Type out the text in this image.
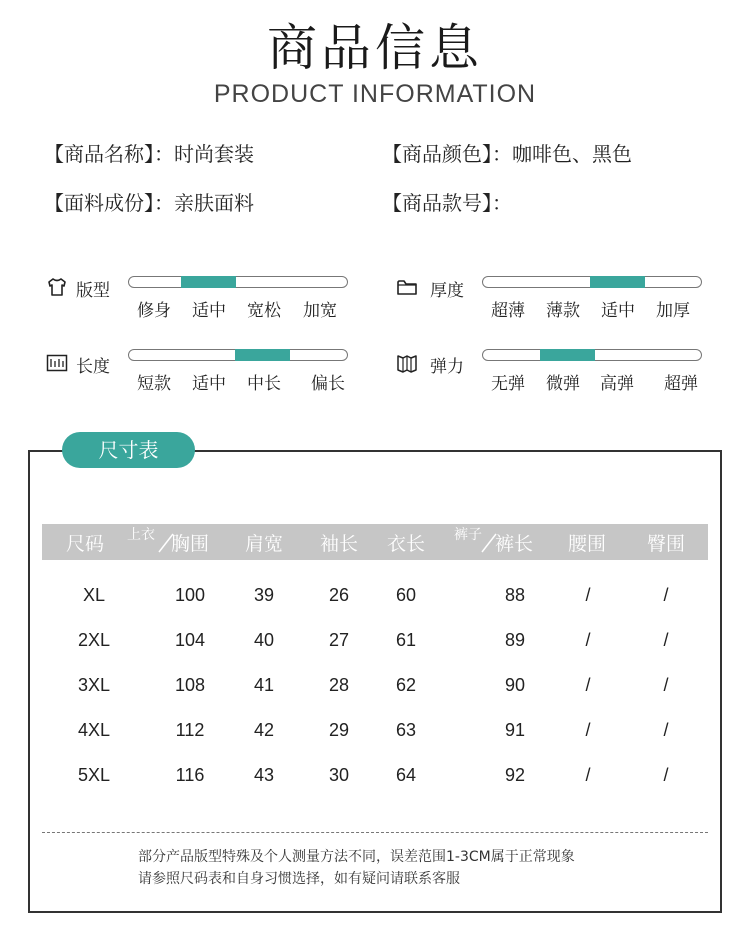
商品信息
PRODUCT INFORMATION
【商品名称】：时尚套装	【商品颜色】：咖啡色、黑色
【面料成份】：亲肤面料	【商品款号】：
版型
修身 适中 宽松 加宽
厚度
超薄 薄款 适中 加厚
长度
短款 适中 中长 偏长
弹力
无弹 微弹 高弹 超弹
尺寸表
尺码 上衣 胸围 肩宽 袖长 衣长 裤子 裤长 腰围 臀围
XL	100	39	26	60	88	/	/
2XL	104	40	27	61	89	/	/
3XL	108	41	28	62	90	/	/
4XL	112	42	29	63	91	/	/
5XL	116	43	30	64	92	/	/
部分产品版型特殊及个人测量方法不同，误差范围1-3CM属于正常现象
请参照尺码表和自身习惯选择，如有疑问请联系客服
